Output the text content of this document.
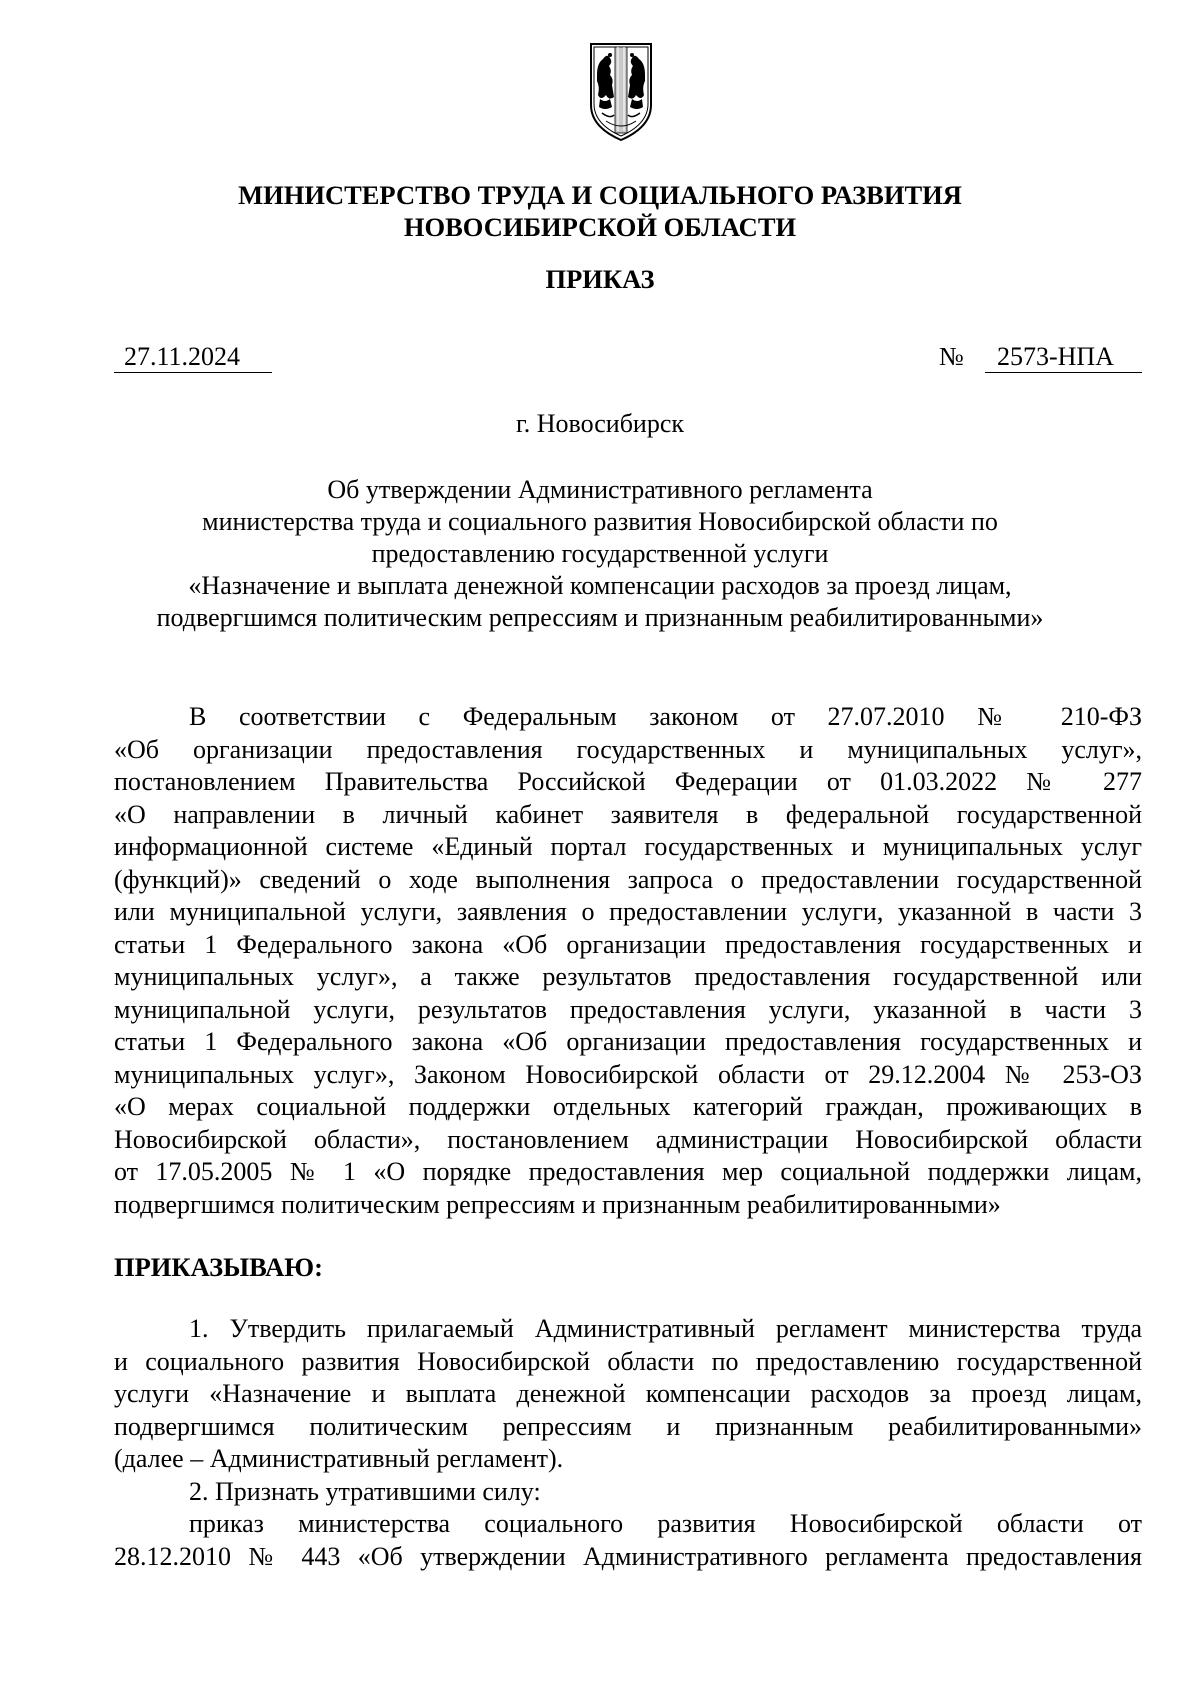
МИНИСТЕРСТВО ТРУДА И СОЦИАЛЬНОГО РАЗВИТИЯ
НОВОСИБИРСКОЙ ОБЛАСТИ
ПРИКАЗ
27.11.2024	№	2573-НПА
г. Новосибирск
Об утверждении Административного регламента
министерства труда и социального развития Новосибирской области по
предоставлению государственной услуги
«Назначение и выплата денежной компенсации расходов за проезд лицам,
подвергшимся политическим репрессиям и признанным реабилитированными»
В соответствии с Федеральным законом от 27.07.2010 № 210-ФЗ
«Об организации предоставления государственных и муниципальных услуг»,
постановлением Правительства Российской Федерации от 01.03.2022 № 277
«О направлении в личный кабинет заявителя в федеральной государственной
информационной системе «Единый портал государственных и муниципальных услуг
(функций)» сведений о ходе выполнения запроса о предоставлении государственной
или муниципальной услуги, заявления о предоставлении услуги, указанной в части 3
статьи 1 Федерального закона «Об организации предоставления государственных и
муниципальных услуг», а также результатов предоставления государственной или
муниципальной услуги, результатов предоставления услуги, указанной в части 3
статьи 1 Федерального закона «Об организации предоставления государственных и
муниципальных услуг», Законом Новосибирской области от 29.12.2004 № 253-ОЗ
«О мерах социальной поддержки отдельных категорий граждан, проживающих в
Новосибирской области», постановлением администрации Новосибирской области
от 17.05.2005 № 1 «О порядке предоставления мер социальной поддержки лицам,
подвергшимся политическим репрессиям и признанным реабилитированными»
ПРИКАЗЫВАЮ:
1. Утвердить прилагаемый Административный регламент министерства труда
и социального развития Новосибирской области по предоставлению государственной
услуги «Назначение и выплата денежной компенсации расходов за проезд лицам,
подвергшимся политическим репрессиям и признанным реабилитированными»
(далее – Административный регламент).
2. Признать утратившими силу:
приказ министерства социального развития Новосибирской области от
28.12.2010 № 443 «Об утверждении Административного регламента предоставления
